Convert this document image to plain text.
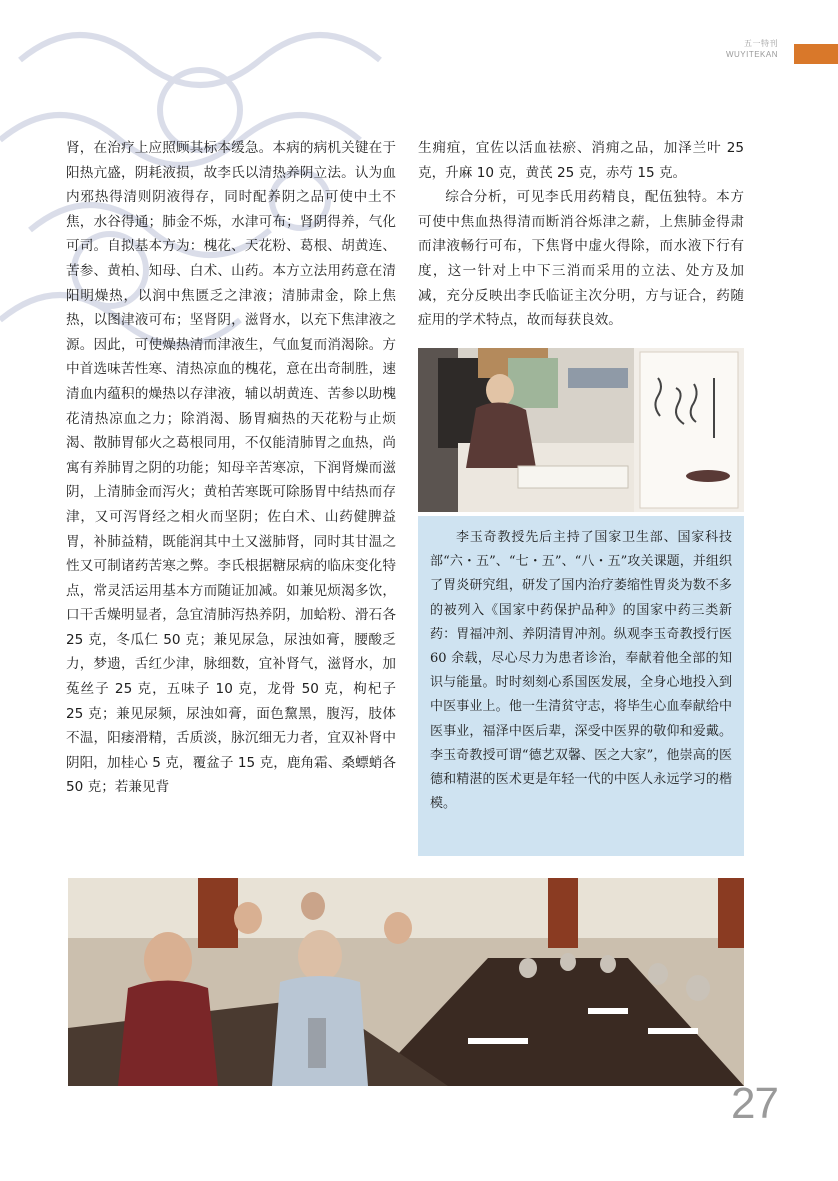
五一特刊
WUYITEKAN

肾，在治疗上应照顾其标本缓急。本病的病机关键在于阳热亢盛，阴耗液损，故李氏以清热养阴立法。认为血内邪热得清则阴液得存，同时配养阴之品可使中土不焦，水谷得通；肺金不烁，水津可布；肾阴得养，气化可司。自拟基本方为：槐花、天花粉、葛根、胡黄连、苦参、黄柏、知母、白术、山药。本方立法用药意在清阳明燥热，以润中焦匮乏之津液；清肺肃金，除上焦热，以图津液可布；坚肾阴，滋肾水，以充下焦津液之源。因此，可使燥热清而津液生，气血复而消渴除。方中首选味苦性寒、清热凉血的槐花，意在出奇制胜，速清血内蕴积的燥热以存津液，辅以胡黄连、苦参以助槐花清热凉血之力；除消渴、肠胃痼热的天花粉与止烦渴、散肺胃郁火之葛根同用，不仅能清肺胃之血热，尚寓有养肺胃之阴的功能；知母辛苦寒凉，下润肾燥而滋阴，上清肺金而泻火；黄柏苦寒既可除肠胃中结热而存津，又可泻肾经之相火而坚阴；佐白术、山药健脾益胃，补肺益精，既能润其中土又滋肺肾，同时其甘温之性又可制诸药苦寒之弊。李氏根据糖尿病的临床变化特点，常灵活运用基本方而随证加减。如兼见烦渴多饮，口干舌燥明显者，急宜清肺泻热养阴，加蛤粉、滑石各 25 克，冬瓜仁 50 克；兼见尿急，尿浊如膏，腰酸乏力，梦遗，舌红少津，脉细数，宜补肾气，滋肾水，加菟丝子 25 克，五味子 10 克，龙骨 50 克，枸杞子 25 克；兼见尿频，尿浊如膏，面色黧黑，腹泻，肢体不温，阳痿滑精，舌质淡，脉沉细无力者，宜双补肾中阴阳，加桂心 5 克，覆盆子 15 克，鹿角霜、桑螵蛸各 50 克；若兼见背

生痈疽，宜佐以活血祛瘀、消痈之品，加泽兰叶 25 克，升麻 10 克，黄芪 25 克，赤芍 15 克。

综合分析，可见李氏用药精良，配伍独特。本方可使中焦血热得清而断消谷烁津之薪，上焦肺金得肃而津液畅行可布，下焦肾中虚火得除，而水液下行有度，这一针对上中下三消而采用的立法、处方及加减，充分反映出李氏临证主次分明，方与证合，药随症用的学术特点，故而每获良效。

李玉奇教授先后主持了国家卫生部、国家科技部“六・五”、“七・五”、“八・五”攻关课题，并组织了胃炎研究组，研发了国内治疗萎缩性胃炎为数不多的被列入《国家中药保护品种》的国家中药三类新药：胃福冲剂、养阴清胃冲剂。纵观李玉奇教授行医 60 余载，尽心尽力为患者诊治，奉献着他全部的知识与能量。时时刻刻心系国医发展，全身心地投入到中医事业上。他一生清贫守志，将毕生心血奉献给中医事业，福泽中医后辈，深受中医界的敬仰和爱戴。李玉奇教授可谓“德艺双馨、医之大家”，他崇高的医德和精湛的医术更是年轻一代的中医人永远学习的楷模。

27
